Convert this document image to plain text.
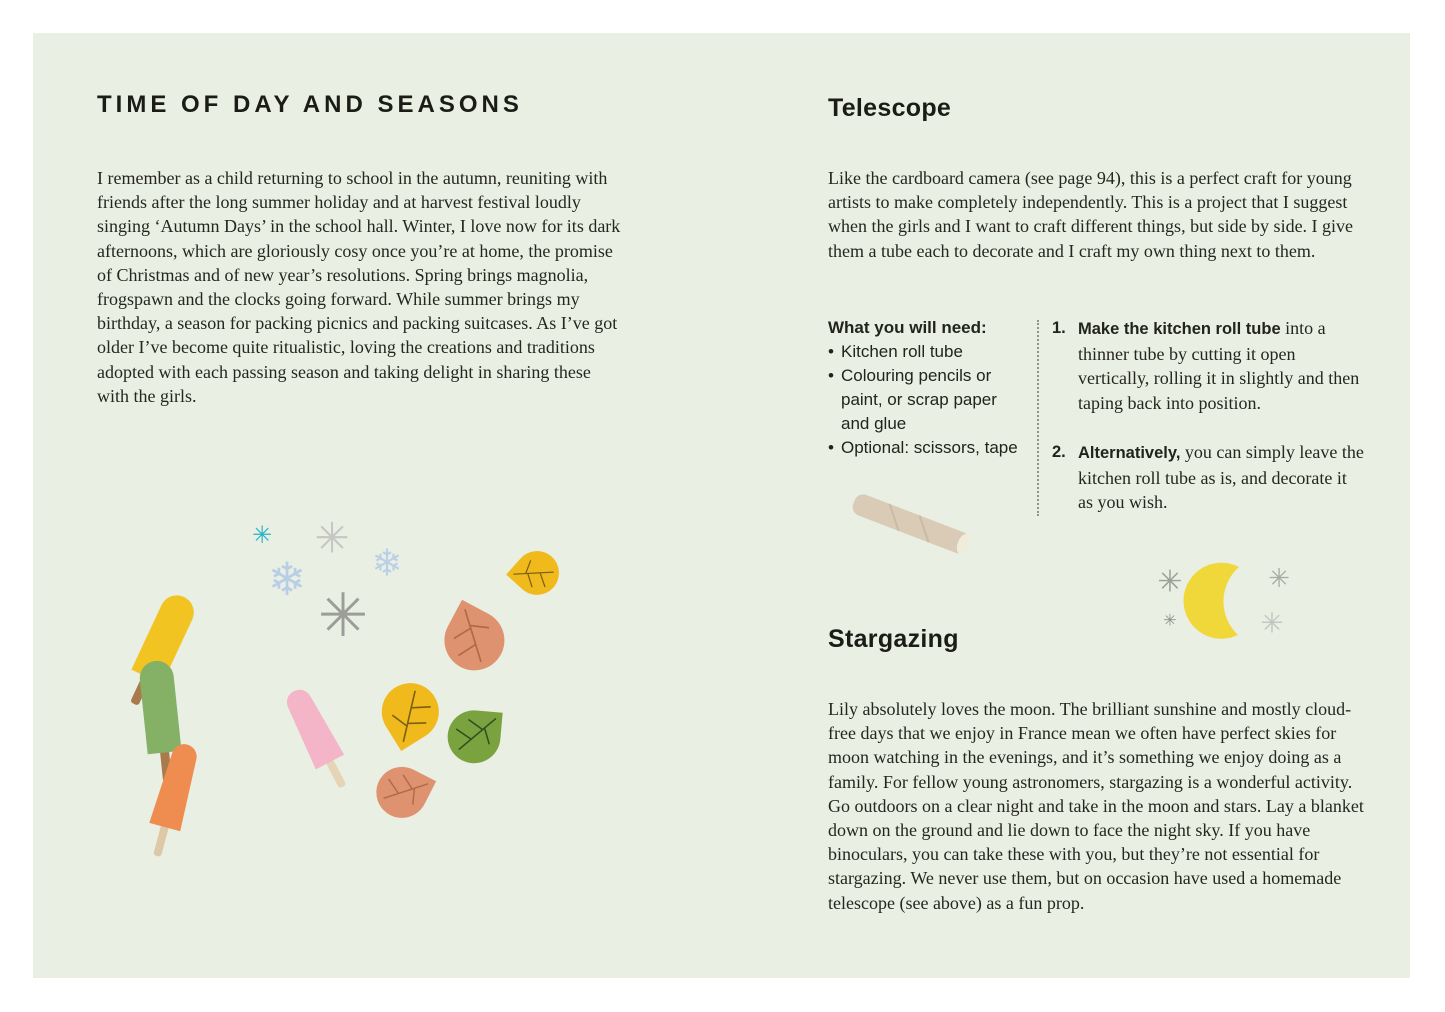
✳ ✳
❄ ❄
✳	✳
✳
✳
✳
TIME OF DAY AND SEASONS

I remember as a child returning to school in the autumn, reuniting with friends after the long summer holiday and at harvest festival loudly singing ‘Autumn Days’ in the school hall. Winter, I love now for its dark afternoons, which are gloriously cosy once you’re at home, the promise of Christmas and of new year’s resolutions. Spring brings magnolia, frogspawn and the clocks going forward. While summer brings my birthday, a season for packing picnics and packing suitcases. As I’ve got older I’ve become quite ritualistic, loving the creations and traditions adopted with each passing season and taking delight in sharing these with the girls.

Telescope

Like the cardboard camera (see page 94), this is a perfect craft for young artists to make completely independently. This is a project that I suggest when the girls and I want to craft different things, but side by side. I give them a tube each to decorate and I craft my own thing next to them.

What you will need:
• Kitchen roll tube
• Colouring pencils or paint, or scrap paper and glue
• Optional: scissors, tape
1. Make the kitchen roll tube into a thinner tube by cutting it open vertically, rolling it in slightly and then taping back into position.
2. Alternatively, you can simply leave the kitchen roll tube as is, and decorate it as you wish.
Stargazing

Lily absolutely loves the moon. The brilliant sunshine and mostly cloud-free days that we enjoy in France mean we often have perfect skies for moon watching in the evenings, and it’s something we enjoy doing as a family. For fellow young astronomers, stargazing is a wonderful activity. Go outdoors on a clear night and take in the moon and stars. Lay a blanket down on the ground and lie down to face the night sky. If you have binoculars, you can take these with you, but they’re not essential for stargazing. We never use them, but on occasion have used a homemade telescope (see above) as a fun prop.
